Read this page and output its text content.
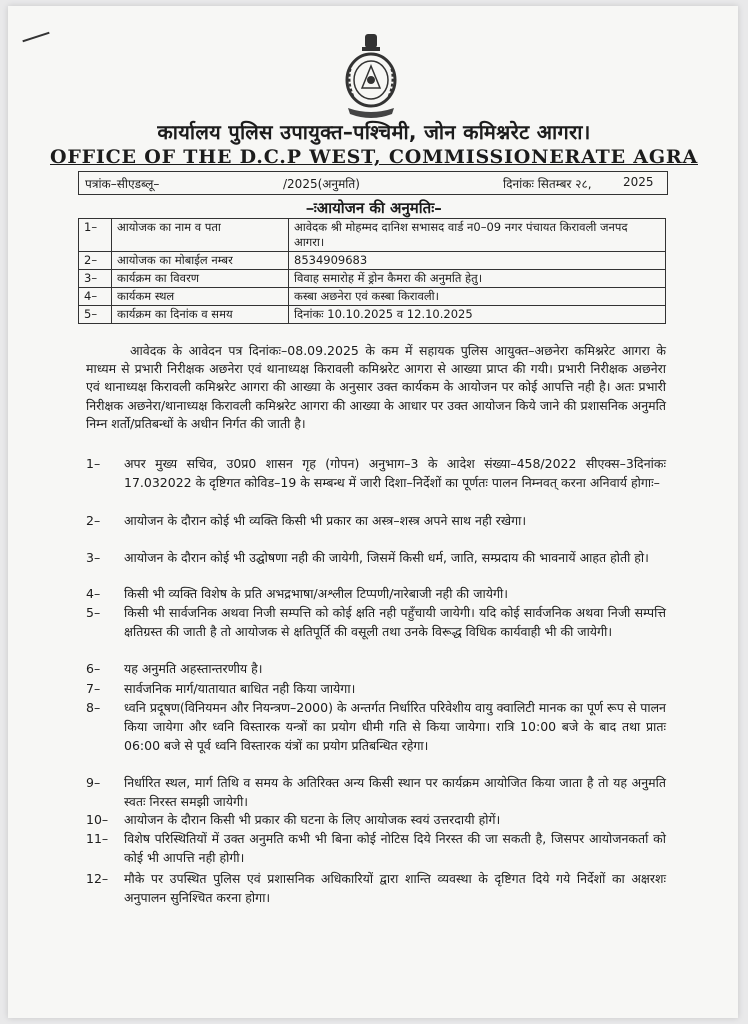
कार्यालय पुलिस उपायुक्त–पश्चिमी, जोन कमिश्नरेट आगरा।
OFFICE OF THE D.C.P WEST, COMMISSIONERATE AGRA
पत्रांक–सीएडब्लू–	/2025(अनुमति)	दिनांकः सितम्बर २८,	2025
–ःआयोजन की अनुमतिः–
1–	आयोजक का नाम व पता	आवेदक श्री मोहम्मद दानिश सभासद वार्ड न0–09 नगर पंचायत किरावली जनपद आगरा।
2–	आयोजक का मोबाईल नम्बर	8534909683
3–	कार्यक्रम का विवरण	विवाह समारोह में ड्रोन कैमरा की अनुमति हेतु।
4–	कार्यकम स्थल	कस्बा अछनेरा एवं कस्बा किरावली।
5–	कार्यक्रम का दिनांक व समय	दिनांकः 10.10.2025 व 12.10.2025
आवेदक के आवेदन पत्र दिनांकः–08.09.2025 के कम में सहायक पुलिस आयुक्त–अछनेरा कमिश्नरेट आगरा के माध्यम से प्रभारी निरीक्षक अछनेरा एवं थानाध्यक्ष किरावली कमिश्नरेट आगरा से आख्या प्राप्त की गयी। प्रभारी निरीक्षक अछनेरा एवं थानाध्यक्ष किरावली कमिश्नरेट आगरा की आख्या के अनुसार उक्त कार्यकम के आयोजन पर कोई आपत्ति नही है। अतः प्रभारी निरीक्षक अछनेरा/थानाध्यक्ष किरावली कमिश्नरेट आगरा की आख्या के आधार पर उक्त आयोजन किये जाने की प्रशासनिक अनुमति निम्न शर्तो/प्रतिबन्धों के अधीन निर्गत की जाती है।
1–	अपर मुख्य सचिव, उ0प्र0 शासन गृह (गोपन) अनुभाग–3 के आदेश संख्या–458/2022 सीएक्स–3दिनांकः 17.032022 के दृष्टिगत कोविड–19 के सम्बन्ध में जारी दिशा–निर्देशों का पूर्णतः पालन निम्नवत् करना अनिवार्य होगाः–
2–	आयोजन के दौरान कोई भी व्यक्ति किसी भी प्रकार का अस्त्र–शस्त्र अपने साथ नही रखेगा।
3–	आयोजन के दौरान कोई भी उद्घोषणा नही की जायेगी, जिसमें किसी धर्म, जाति, सम्प्रदाय की भावनायें आहत होती हो।
4–	किसी भी व्यक्ति विशेष के प्रति अभद्रभाषा/अश्लील टिप्पणी/नारेबाजी नही की जायेगी।
5–	किसी भी सार्वजनिक अथवा निजी सम्पत्ति को कोई क्षति नही पहुँचायी जायेगी। यदि कोई सार्वजनिक अथवा निजी सम्पत्ति क्षतिग्रस्त की जाती है तो आयोजक से क्षतिपूर्ति की वसूली तथा उनके विरूद्ध विधिक कार्यवाही भी की जायेगी।
6–	यह अनुमति अहस्तान्तरणीय है।
7–	सार्वजनिक मार्ग/यातायात बाधित नही किया जायेगा।
8–	ध्वनि प्रदूषण(विनियमन और नियन्त्रण–2000) के अन्तर्गत निर्धारित परिवेशीय वायु क्वालिटी मानक का पूर्ण रूप से पालन किया जायेगा और ध्वनि विस्तारक यन्त्रों का प्रयोग धीमी गति से किया जायेगा। रात्रि 10:00 बजे के बाद तथा प्रातः 06:00 बजे से पूर्व ध्वनि विस्तारक यंत्रों का प्रयोग प्रतिबन्धित रहेगा।
9–	निर्धारित स्थल, मार्ग तिथि व समय के अतिरिक्त अन्य किसी स्थान पर कार्यक्रम आयोजित किया जाता है तो यह अनुमति स्वतः निरस्त समझी जायेगी।
10–	आयोजन के दौरान किसी भी प्रकार की घटना के लिए आयोजक स्वयं उत्तरदायी होगें।
11–	विशेष परिस्थितियों में उक्त अनुमति कभी भी बिना कोई नोटिस दिये निरस्त की जा सकती है, जिसपर आयोजनकर्ता को कोई भी आपत्ति नही होगी।
12–	मौके पर उपस्थित पुलिस एवं प्रशासनिक अधिकारियों द्वारा शान्ति व्यवस्था के दृष्टिगत दिये गये निर्देशों का अक्षरशः अनुपालन सुनिश्चित करना होगा।
